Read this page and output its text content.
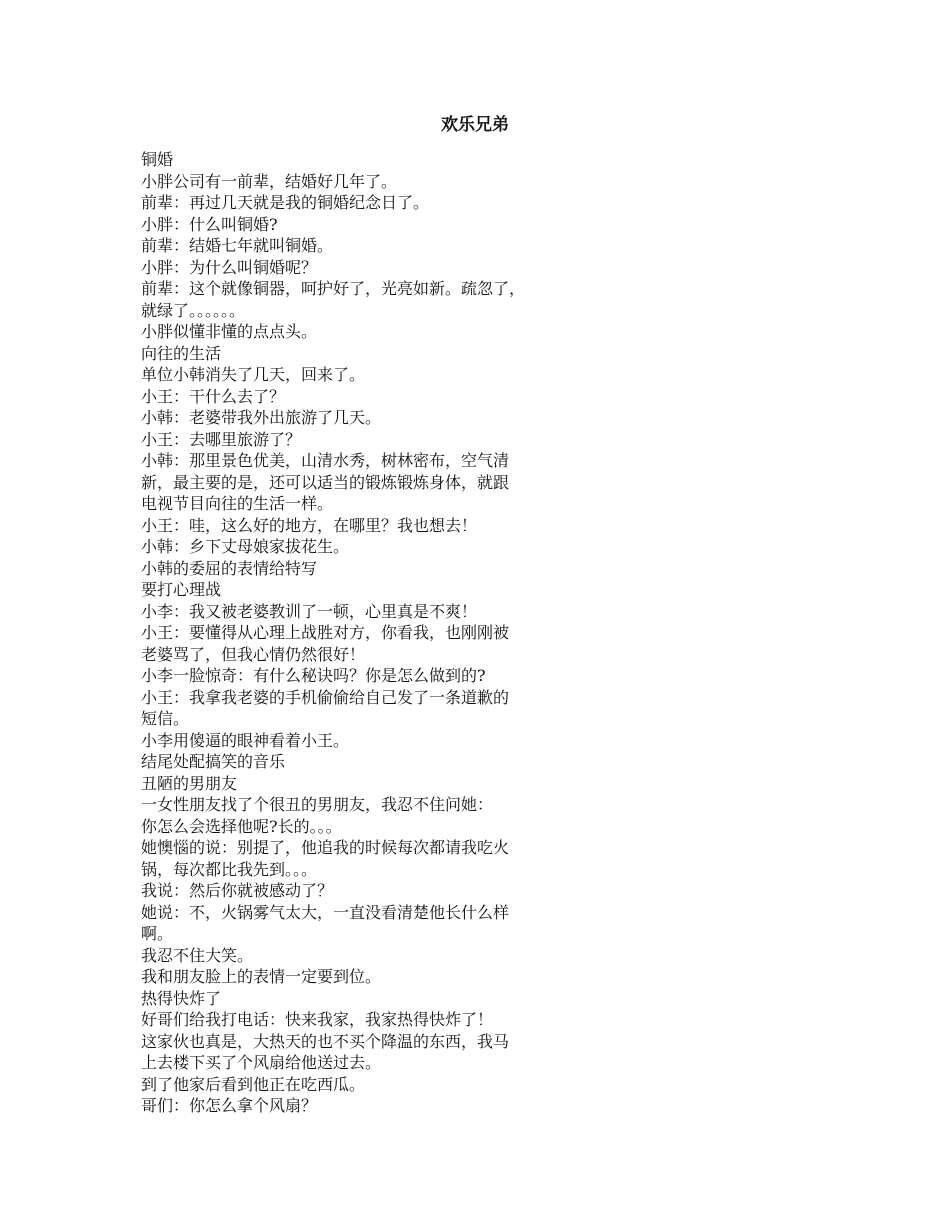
欢乐兄弟

铜婚

小胖公司有一前辈，结婚好几年了。

前辈：再过几天就是我的铜婚纪念日了。

小胖：什么叫铜婚?

前辈：结婚七年就叫铜婚。

小胖：为什么叫铜婚呢？

前辈：这个就像铜器，呵护好了，光亮如新。疏忽了，

就绿了。。。。。。

小胖似懂非懂的点点头。

向往的生活

单位小韩消失了几天，回来了。

小王：干什么去了？

小韩：老婆带我外出旅游了几天。

小王：去哪里旅游了？

小韩：那里景色优美，山清水秀，树林密布，空气清

新，最主要的是，还可以适当的锻炼锻炼身体，就跟

电视节目向往的生活一样。

小王：哇，这么好的地方，在哪里？我也想去！

小韩：乡下丈母娘家拔花生。

小韩的委屈的表情给特写

要打心理战

小李：我又被老婆教训了一顿，心里真是不爽！

小王：要懂得从心理上战胜对方，你看我，也刚刚被

老婆骂了，但我心情仍然很好！

小李一脸惊奇：有什么秘诀吗？你是怎么做到的?

小王：我拿我老婆的手机偷偷给自己发了一条道歉的

短信。

小李用傻逼的眼神看着小王。

结尾处配搞笑的音乐

丑陋的男朋友

一女性朋友找了个很丑的男朋友，我忍不住问她：

你怎么会选择他呢?长的。。。

她懊惱的说：别提了，他追我的时候每次都请我吃火

锅，每次都比我先到。。。

我说：然后你就被感动了？

她说：不，火锅雾气太大，一直没看清楚他长什么样

啊。

我忍不住大笑。

我和朋友脸上的表情一定要到位。

热得快炸了

好哥们给我打电话：快来我家，我家热得快炸了！

这家伙也真是，大热天的也不买个降温的东西，我马

上去楼下买了个风扇给他送过去。

到了他家后看到他正在吃西瓜。

哥们：你怎么拿个风扇？
